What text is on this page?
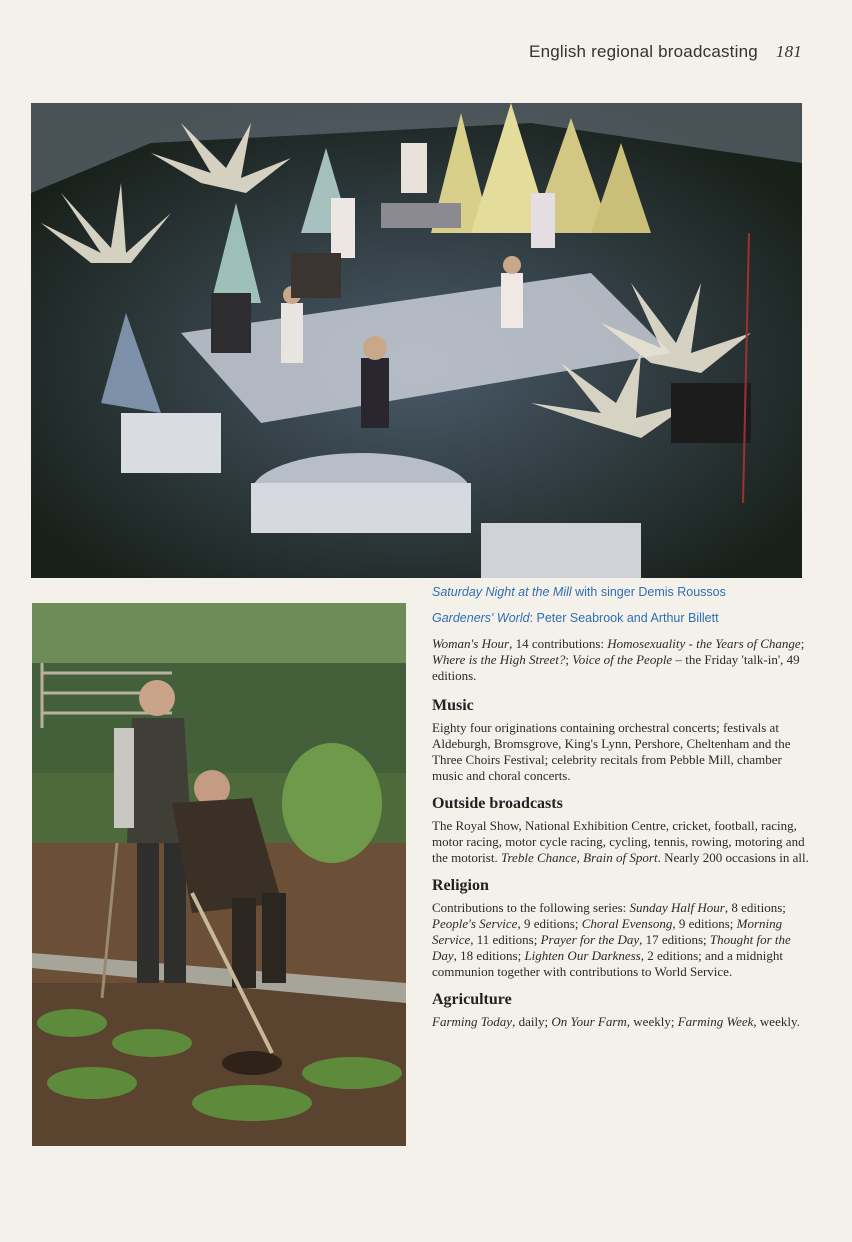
English regional broadcasting 181

Saturday Night at the Mill with singer Demis Roussos

Gardeners' World: Peter Seabrook and Arthur Billett

Woman's Hour, 14 contributions: Homosexuality - the Years of Change; Where is the High Street?; Voice of the People – the Friday 'talk-in', 49 editions.

Music

Eighty four originations containing orchestral concerts; festivals at Aldeburgh, Bromsgrove, King's Lynn, Pershore, Cheltenham and the Three Choirs Festival; celebrity recitals from Pebble Mill, chamber music and choral concerts.

Outside broadcasts

The Royal Show, National Exhibition Centre, cricket, football, racing, motor racing, motor cycle racing, cycling, tennis, rowing, motoring and the motorist. Treble Chance, Brain of Sport. Nearly 200 occasions in all.

Religion

Contributions to the following series: Sunday Half Hour, 8 editions; People's Service, 9 editions; Choral Evensong, 9 editions; Morning Service, 11 editions; Prayer for the Day, 17 editions; Thought for the Day, 18 editions; Lighten Our Darkness, 2 editions; and a midnight communion together with contributions to World Service.

Agriculture

Farming Today, daily; On Your Farm, weekly; Farming Week, weekly.
